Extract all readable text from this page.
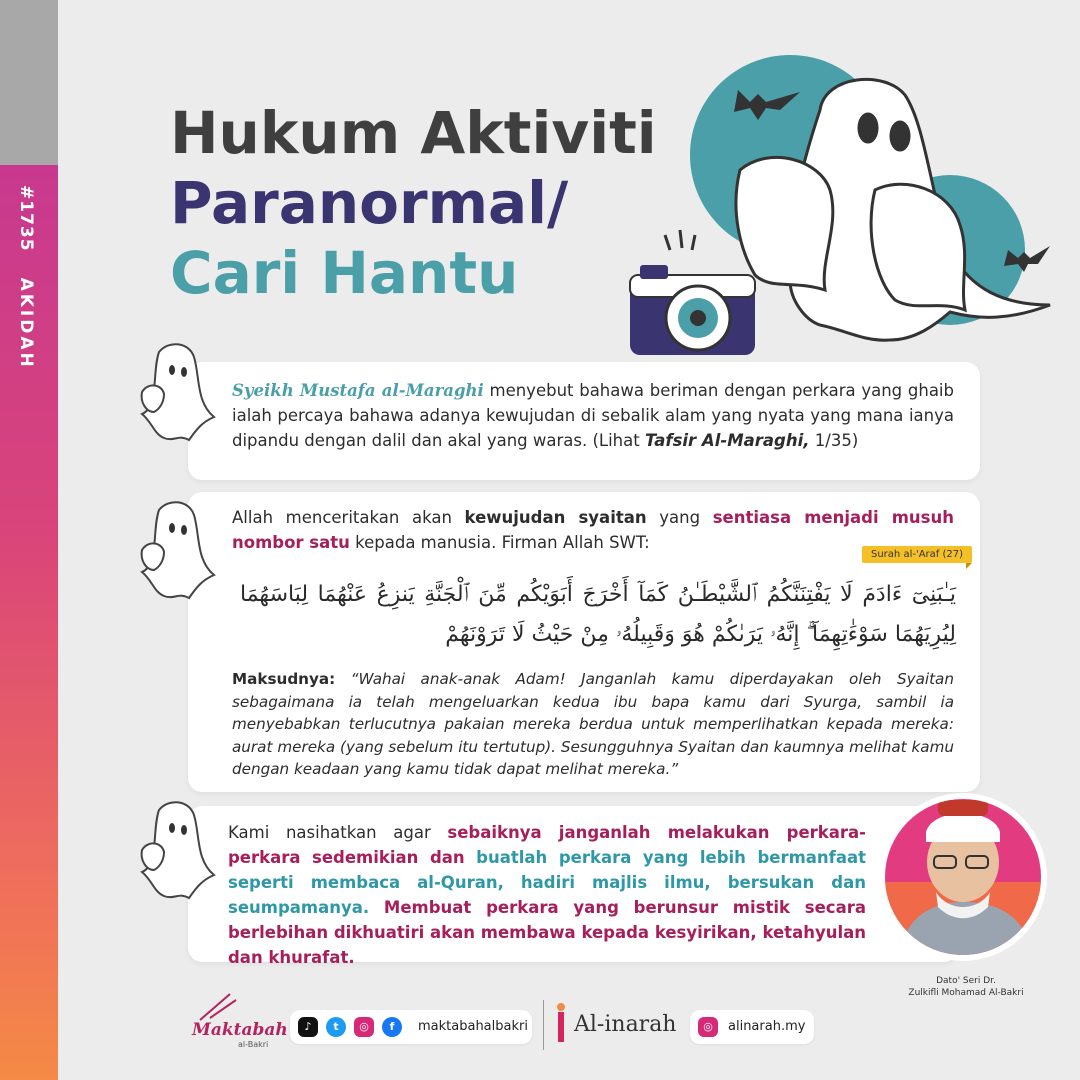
#1735AKIDAH
Hukum Aktiviti
Paranormal/
Cari Hantu
Syeikh Mustafa al-Maraghi menyebut bahawa beriman dengan perkara yang ghaib ialah percaya bahawa adanya kewujudan di sebalik alam yang nyata yang mana ianya dipandu dengan dalil dan akal yang waras. (Lihat Tafsir Al-Maraghi, 1/35)
Allah menceritakan akan kewujudan syaitan yang sentiasa menjadi musuh nombor satu kepada manusia. Firman Allah SWT:
Surah al-'Araf (27)
يَـٰبَنِىٓ ءَادَمَ لَا يَفْتِنَنَّكُمُ ٱلشَّيْطَـٰنُ كَمَآ أَخْرَجَ أَبَوَيْكُم مِّنَ ٱلْجَنَّةِ يَنزِعُ عَنْهُمَا لِبَاسَهُمَا لِيُرِيَهُمَا سَوْءَٰتِهِمَآ ۗ إِنَّهُۥ يَرَىٰكُمْ هُوَ وَقَبِيلُهُۥ مِنْ حَيْثُ لَا تَرَوْنَهُمْ
Maksudnya: “Wahai anak-anak Adam! Janganlah kamu diperdayakan oleh Syaitan sebagaimana ia telah mengeluarkan kedua ibu bapa kamu dari Syurga, sambil ia menyebabkan terlucutnya pakaian mereka berdua untuk memperlihatkan kepada mereka: aurat mereka (yang sebelum itu tertutup). Sesungguhnya Syaitan dan kaumnya melihat kamu dengan keadaan yang kamu tidak dapat melihat mereka.”
Kami nasihatkan agar sebaiknya janganlah melakukan perkara-perkara sedemikian dan buatlah perkara yang lebih bermanfaat seperti membaca al-Quran, hadiri majlis ilmu, bersukan dan seumpamanya. Membuat perkara yang berunsur mistik secara berlebihan dikhuatiri akan membawa kepada kesyirikan, ketahyulan dan khurafat.
Dato' Seri Dr.
Zulkifli Mohamad Al-Bakri
Maktabah
al-Bakri
♪	t	◎	f	maktabahalbakri Al-inarah	◎	alinarah.my
